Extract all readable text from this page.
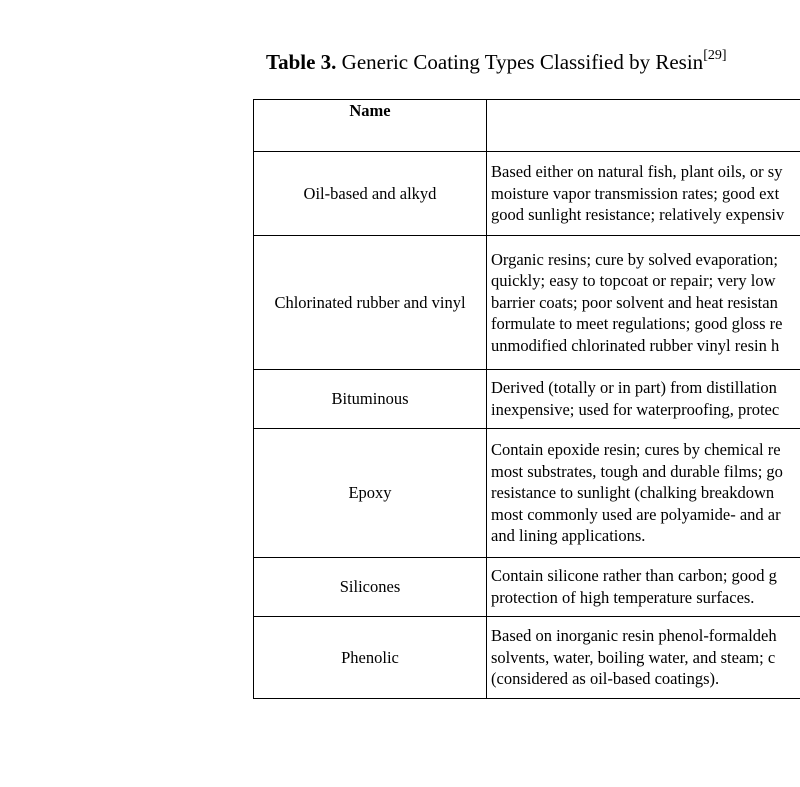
Table 3. Generic Coating Types Classified by Resin[29]
Name	
Oil-based and alkyd	Based either on natural fish, plant oils, or sy
moisture vapor transmission rates; good ext
good sunlight resistance; relatively expensiv

Chlorinated rubber and vinyl	Organic resins; cure by solved evaporation;
quickly; easy to topcoat or repair; very low
barrier coats; poor solvent and heat resistan
formulate to meet regulations; good gloss re
unmodified chlorinated rubber vinyl resin h

Bituminous	Derived (totally or in part) from distillation
inexpensive; used for waterproofing, protec

Epoxy	Contain epoxide resin; cures by chemical re
most substrates, tough and durable films; go
resistance to sunlight (chalking breakdown
most commonly used are polyamide- and ar
and lining applications.

Silicones	Contain silicone rather than carbon; good g
protection of high temperature surfaces.

Phenolic	Based on inorganic resin phenol-formaldeh
solvents, water, boiling water, and steam; c
(considered as oil-based coatings).
